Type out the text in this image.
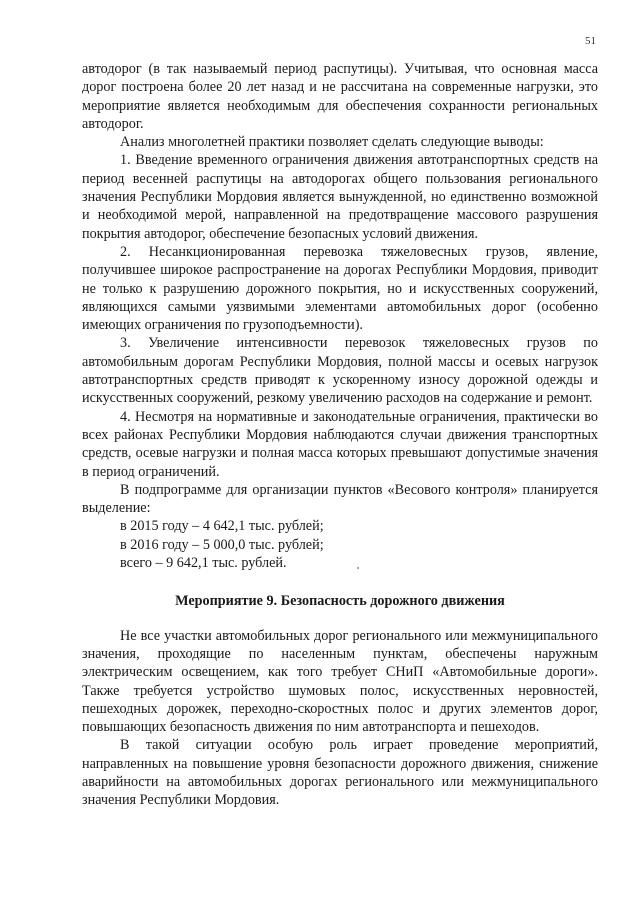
51

автодорог (в так называемый период распутицы). Учитывая, что основная масса дорог построена более 20 лет назад и не рассчитана на современные нагрузки, это мероприятие является необходимым для обеспечения сохранности региональных автодорог.

Анализ многолетней практики позволяет сделать следующие выводы:

1. Введение временного ограничения движения автотранспортных средств на период весенней распутицы на автодорогах общего пользования регионального значения Республики Мордовия является вынужденной, но единственно возможной и необходимой мерой, направленной на предотвращение массового разрушения покрытия автодорог, обеспечение безопасных условий движения.

2. Несанкционированная перевозка тяжеловесных грузов, явление, получившее широкое распространение на дорогах Республики Мордовия, приводит не только к разрушению дорожного покрытия, но и искусственных сооружений, являющихся самыми уязвимыми элементами автомобильных дорог (особенно имеющих ограничения по грузоподъемности).

3. Увеличение интенсивности перевозок тяжеловесных грузов по автомобильным дорогам Республики Мордовия, полной массы и осевых нагрузок автотранспортных средств приводят к ускоренному износу дорожной одежды и искусственных сооружений, резкому увеличению расходов на содержание и ремонт.

4. Несмотря на нормативные и законодательные ограничения, практически во всех районах Республики Мордовия наблюдаются случаи движения транспортных средств, осевые нагрузки и полная масса которых превышают допустимые значения в период ограничений.

В подпрограмме для организации пунктов «Весового контроля» планируется выделение:

в 2015 году – 4 642,1 тыс. рублей;

в 2016 году – 5 000,0 тыс. рублей;

всего – 9 642,1 тыс. рублей.

Мероприятие 9. Безопасность дорожного движения

Не все участки автомобильных дорог регионального или межмуниципального значения, проходящие по населенным пунктам, обеспечены наружным электрическим освещением, как того требует СНиП «Автомобильные дороги». Также требуется устройство шумовых полос, искусственных неровностей, пешеходных дорожек, переходно-скоростных полос и других элементов дорог, повышающих безопасность движения по ним автотранспорта и пешеходов.

В такой ситуации особую роль играет проведение мероприятий, направленных на повышение уровня безопасности дорожного движения, снижение аварийности на автомобильных дорогах регионального или межмуниципального значения Республики Мордовия.
